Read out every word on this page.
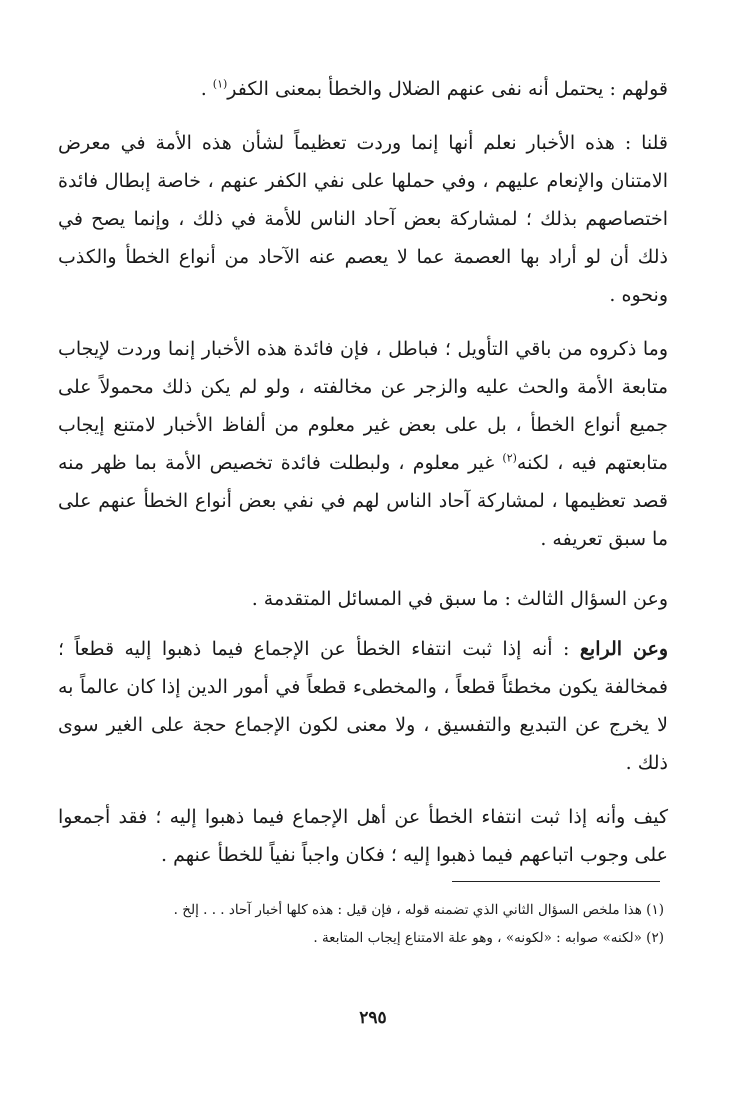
قولهم : يحتمل أنه نفى عنهم الضلال والخطأ بمعنى الكفر$^{(١)}$ .

قلنا : هذه الأخبار نعلم أنها إنما وردت تعظيماً لشأن هذه الأمة في معرض الامتنان والإنعام عليهم ، وفي حملها على نفي الكفر عنهم ، خاصة إبطال فائدة اختصاصهم بذلك ؛ لمشاركة بعض آحاد الناس للأمة في ذلك ، وإنما يصح في ذلك أن لو أراد بها العصمة عما لا يعصم عنه الآحاد من أنواع الخطأ والكذب ونحوه .

وما ذكروه من باقي التأويل ؛ فباطل ، فإن فائدة هذه الأخبار إنما وردت لإيجاب متابعة الأمة والحث عليه والزجر عن مخالفته ، ولو لم يكن ذلك محمولاً على جميع أنواع الخطأ ، بل على بعض غير معلوم من ألفاظ الأخبار لامتنع إيجاب متابعتهم فيه ، لكنه$^{(٢)}$ غير معلوم ، ولبطلت فائدة تخصيص الأمة بما ظهر منه قصد تعظيمها ، لمشاركة آحاد الناس لهم في نفي بعض أنواع الخطأ عنهم على ما سبق تعريفه .

وعن السؤال الثالث : ما سبق في المسائل المتقدمة .

وعن الرابع : أنه إذا ثبت انتفاء الخطأ عن الإجماع فيما ذهبوا إليه قطعاً ؛ فمخالفة يكون مخطئاً قطعاً ، والمخطىء قطعاً في أمور الدين إذا كان عالماً به لا يخرج عن التبديع والتفسيق ، ولا معنى لكون الإجماع حجة على الغير سوى ذلك .

كيف وأنه إذا ثبت انتفاء الخطأ عن أهل الإجماع فيما ذهبوا إليه ؛ فقد أجمعوا على وجوب اتباعهم فيما ذهبوا إليه ؛ فكان واجباً نفياً للخطأ عنهم .

(١) هذا ملخص السؤال الثاني الذي تضمنه قوله ، فإن قيل : هذه كلها أخبار آحاد . . . إلخ .

(٢) «لكنه» صوابه : «لكونه» ، وهو علة الامتناع إيجاب المتابعة .

٢٩٥
